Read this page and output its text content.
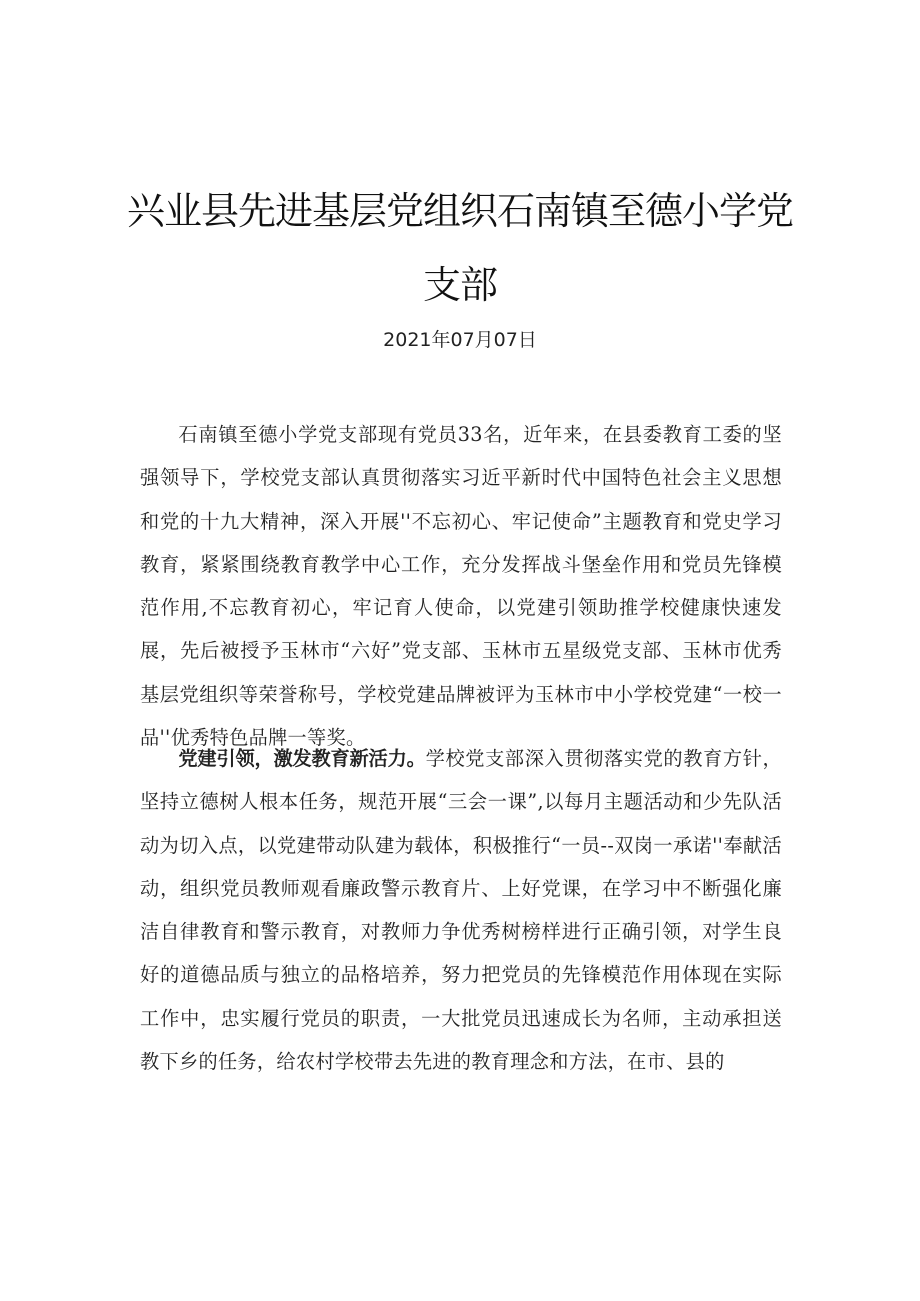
兴业县先进基层党组织石南镇至德小学党
支部
2021年07月07日

石南镇至德小学党支部现有党员33名，近年来，在县委教育工委的坚强领导下，学校党支部认真贯彻落实习近平新时代中国特色社会主义思想和党的十九大精神，深入开展''不忘初心、牢记使命”主题教育和党史学习教育，紧紧围绕教育教学中心工作，充分发挥战斗堡垒作用和党员先锋模范作用,不忘教育初心，牢记育人使命，以党建引领助推学校健康快速发展，先后被授予玉林市“六好”党支部、玉林市五星级党支部、玉林市优秀基层党组织等荣誉称号，学校党建品牌被评为玉林市中小学校党建“一校一品''优秀特色品牌一等奖。

党建引领，激发教育新活力。学校党支部深入贯彻落实党的教育方针，坚持立德树人根本任务，规范开展“三会一课”,以每月主题活动和少先队活动为切入点，以党建带动队建为载体，积极推行“一员--双岗一承诺''奉献活动，组织党员教师观看廉政警示教育片、上好党课，在学习中不断强化廉洁自律教育和警示教育，对教师力争优秀树榜样进行正确引领，对学生良好的道德品质与独立的品格培养，努力把党员的先锋模范作用体现在实际工作中，忠实履行党员的职责，一大批党员迅速成长为名师，主动承担送教下乡的任务，给农村学校带去先进的教育理念和方法，在市、县的
